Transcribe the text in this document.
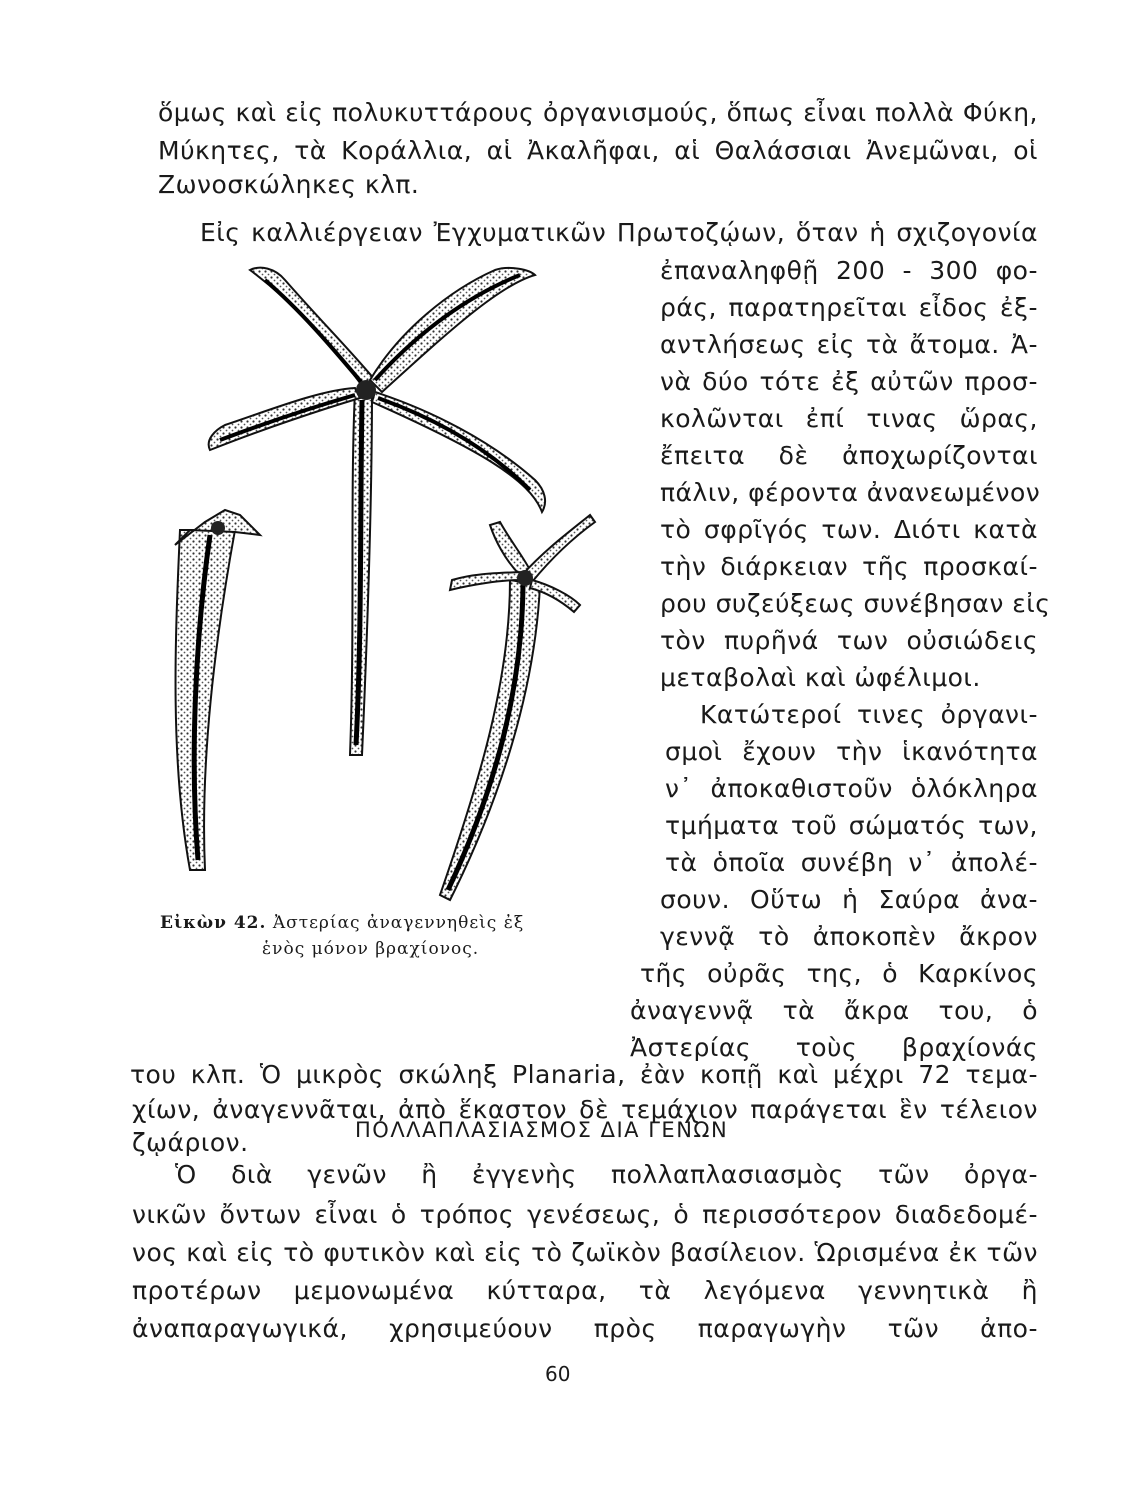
ὅμως καὶ εἰς πολυκυττάρους ὀργανισμούς, ὅπως εἶναι πολλὰ Φύκη,
Μύκητες, τὰ Κοράλλια, αἱ Ἀκαλῆφαι, αἱ Θαλάσσιαι Ἀνεμῶναι, οἱ
Ζωνοσκώληκες κλπ.
Εἰς καλλιέργειαν Ἐγχυματικῶν Πρωτοζῴων, ὅταν ἡ σχιζογονία
ἐπαναληφθῇ 200 - 300 φο-
ράς, παρατηρεῖται εἶδος ἐξ-
αντλήσεως εἰς τὰ ἄτομα. Ἀ-
νὰ δύο τότε ἐξ αὐτῶν προσ-
κολῶνται ἐπί τινας ὥρας,
ἔπειτα δὲ ἀποχωρίζονται
πάλιν, φέροντα ἀνανεωμένον
τὸ σφρῖγός των. Διότι κατὰ
τὴν διάρκειαν τῆς προσκαί-
ρου συζεύξεως συνέβησαν εἰς
τὸν πυρῆνά των οὐσιώδεις
μεταβολαὶ καὶ ὠφέλιμοι.
Κατώτεροί τινες ὀργανι-
σμοὶ ἔχουν τὴν ἱκανότητα
ν᾽ ἀποκαθιστοῦν ὁλόκληρα
τμήματα τοῦ σώματός των,
τὰ ὁποῖα συνέβη ν᾽ ἀπολέ-
σουν. Οὕτω ἡ Σαύρα ἀνα-
γεννᾷ τὸ ἀποκοπὲν ἄκρον
τῆς οὐρᾶς της, ὁ Καρκίνος
ἀναγεννᾷ τὰ ἄκρα του, ὁ
Ἀστερίας τοὺς βραχίονάς
του κλπ. Ὁ μικρὸς σκώληξ Planaria, ἐὰν κοπῇ καὶ μέχρι 72 τεμα-
χίων, ἀναγεννᾶται, ἀπὸ ἕκαστον δὲ τεμάχιον παράγεται ἓν τέλειον
ζῳάριον.
Εἰκὼν 42. Ἀστερίας ἀναγεννηθεὶς ἐξ
ἑνὸς μόνον βραχίονος.
ΠΟΛΛΑΠΛΑΣΙΑΣΜΟΣ ΔΙΑ ΓΕΝΩΝ
Ὁ διὰ γενῶν ἢ ἐγγενὴς πολλαπλασιασμὸς τῶν ὀργα-
νικῶν ὄντων εἶναι ὁ τρόπος γενέσεως, ὁ περισσότερον διαδεδομέ-
νος καὶ εἰς τὸ φυτικὸν καὶ εἰς τὸ ζωϊκὸν βασίλειον. Ὡρισμένα ἐκ τῶν
προτέρων μεμονωμένα κύτταρα, τὰ λεγόμενα γεννητικὰ ἢ
ἀναπαραγωγικά, χρησιμεύουν πρὸς παραγωγὴν τῶν ἀπο-
60
